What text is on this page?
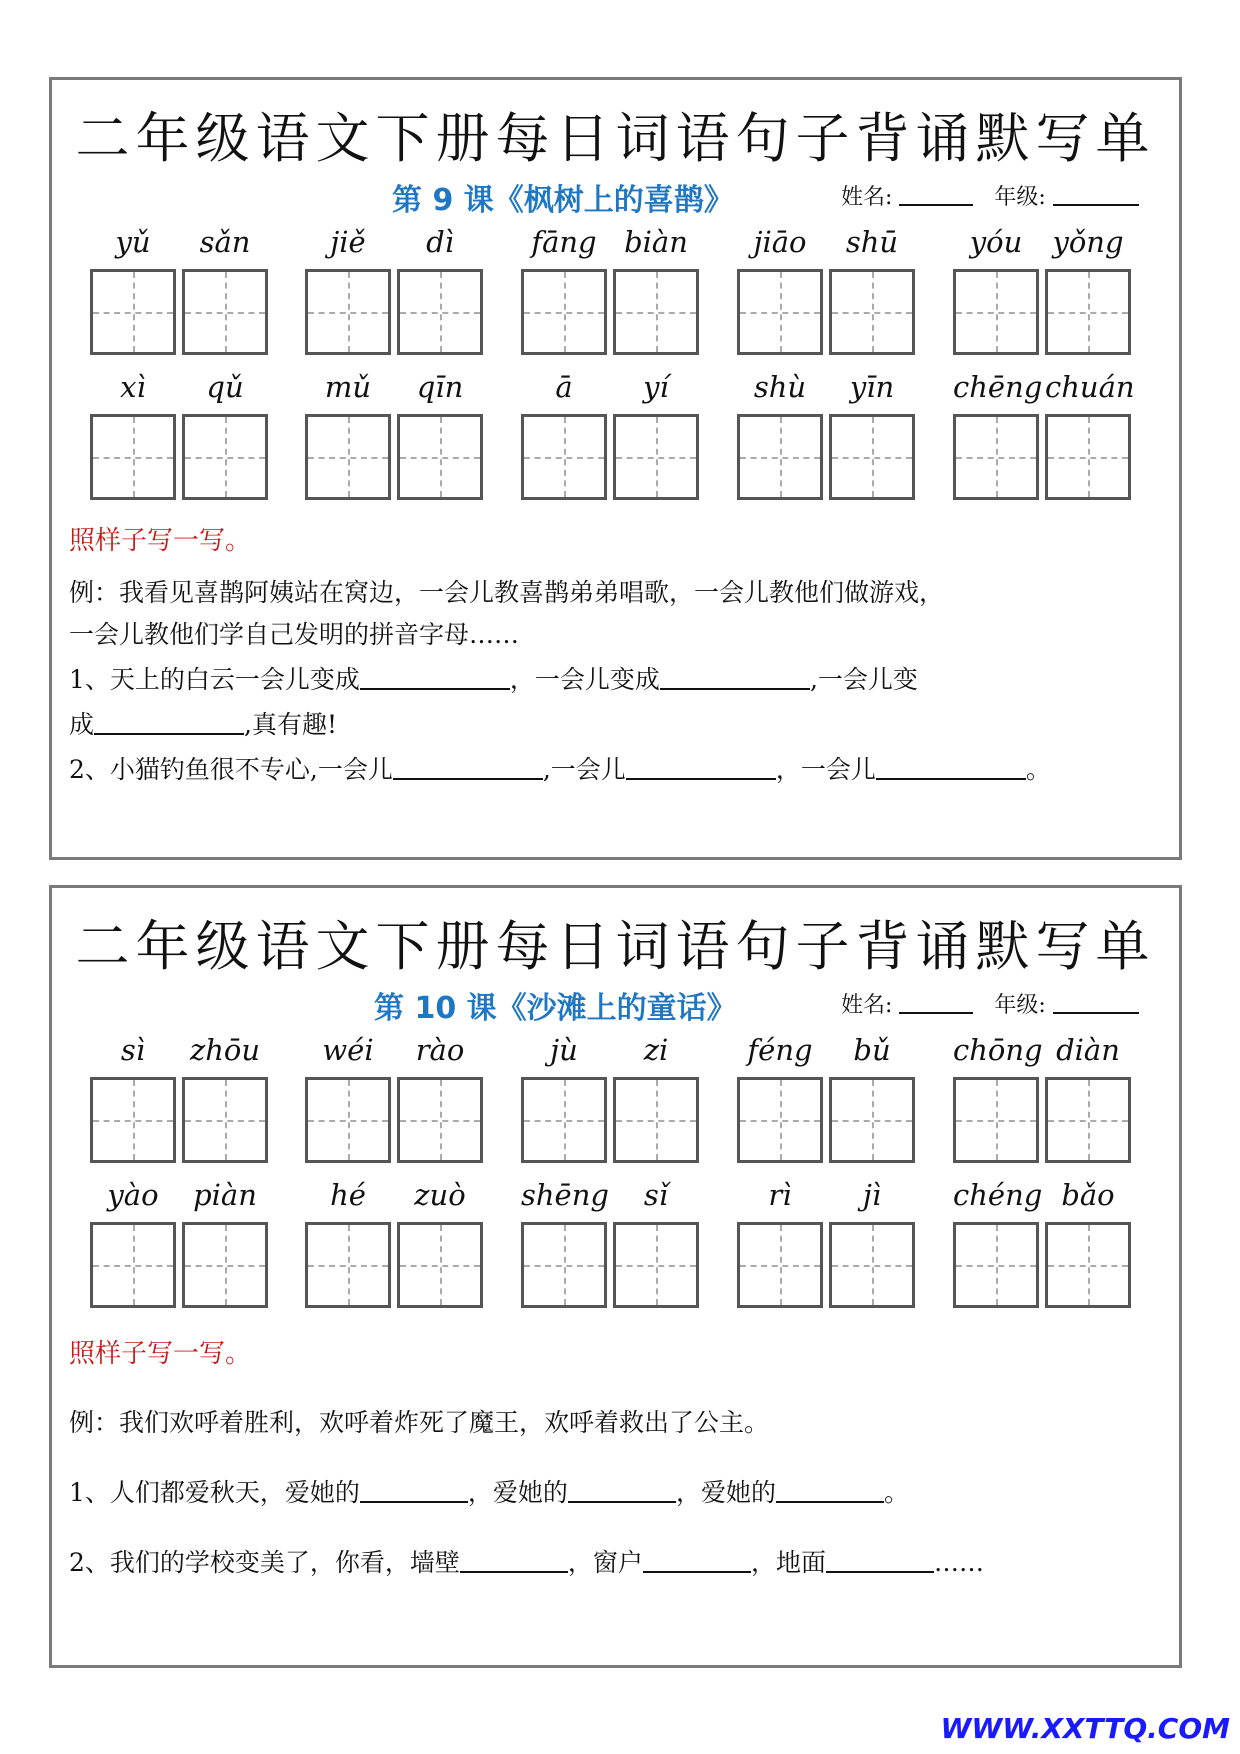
二年级语文下册每日词语句子背诵默写单
第 9 课《枫树上的喜鹊》	姓名:	年级:
yǔ	sǎn	jiě	dì	fāng biàn	jiāo	shū	yóu	yǒng
xì	qǔ	mǔ	qīn	ā	yí	shù	yīn	chēng chuán
照样子写一写。
例：我看见喜鹊阿姨站在窝边，一会儿教喜鹊弟弟唱歌，一会儿教他们做游戏，
一会儿教他们学自己发明的拼音字母……
1、天上的白云一会儿变成	，一会儿变成	,一会儿变
成	,真有趣!
2、小猫钓鱼很不专心,一会儿	,一会儿	，一会儿	。
二年级语文下册每日词语句子背诵默写单
第 10 课《沙滩上的童话》	姓名:	年级:
sì	zhōu	wéi	rào	jù	zi	féng	bǔ	chōng diàn
yào	piàn	hé	zuò	shēng	sǐ	rì	jì	chéng bǎo
照样子写一写。
例：我们欢呼着胜利，欢呼着炸死了魔王，欢呼着救出了公主。
1、人们都爱秋天，爱她的	，爱她的	，爱她的	。
2、我们的学校变美了，你看，墙壁	，窗户	，地面	……
WWW.XXTTQ.COM
